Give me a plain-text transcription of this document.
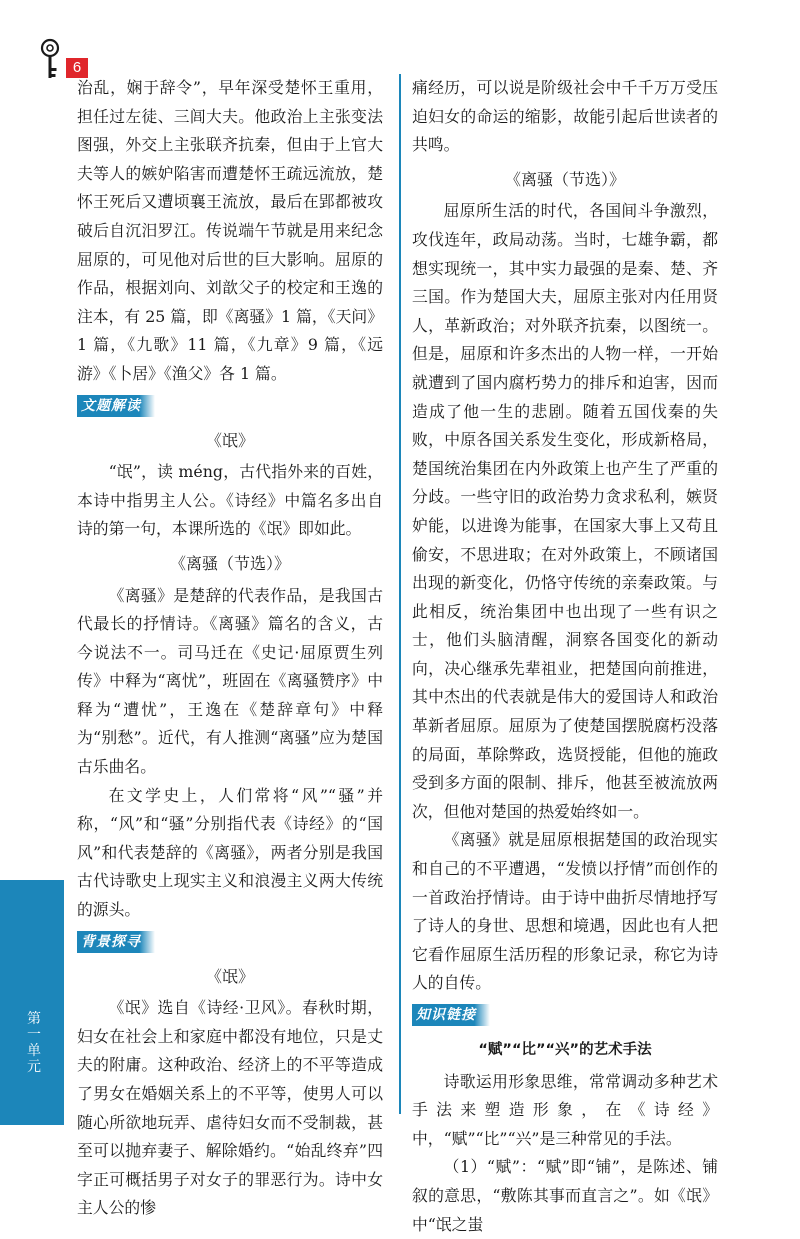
6
第一单元

治乱，娴于辞令”，早年深受楚怀王重用，担任过左徒、三闾大夫。他政治上主张变法图强，外交上主张联齐抗秦，但由于上官大夫等人的嫉妒陷害而遭楚怀王疏远流放，楚怀王死后又遭顷襄王流放，最后在郢都被攻破后自沉汨罗江。传说端午节就是用来纪念屈原的，可见他对后世的巨大影响。屈原的作品，根据刘向、刘歆父子的校定和王逸的注本，有 25 篇，即《离骚》1 篇，《天问》1 篇，《九歌》11 篇，《九章》9 篇，《远游》《卜居》《渔父》各 1 篇。

文题解读

《氓》

“氓”，读 méng，古代指外来的百姓，本诗中指男主人公。《诗经》中篇名多出自诗的第一句，本课所选的《氓》即如此。

《离骚（节选）》

《离骚》是楚辞的代表作品，是我国古代最长的抒情诗。《离骚》篇名的含义，古今说法不一。司马迁在《史记·屈原贾生列传》中释为“离忧”，班固在《离骚赞序》中释为“遭忧”，王逸在《楚辞章句》中释为“别愁”。近代，有人推测“离骚”应为楚国古乐曲名。

在文学史上，人们常将“风”“骚”并称，“风”和“骚”分别指代表《诗经》的“国风”和代表楚辞的《离骚》，两者分别是我国古代诗歌史上现实主义和浪漫主义两大传统的源头。

背景探寻

《氓》

《氓》选自《诗经·卫风》。春秋时期，妇女在社会上和家庭中都没有地位，只是丈夫的附庸。这种政治、经济上的不平等造成了男女在婚姻关系上的不平等，使男人可以随心所欲地玩弄、虐待妇女而不受制裁，甚至可以抛弃妻子、解除婚约。“始乱终弃”四字正可概括男子对女子的罪恶行为。诗中女主人公的惨

痛经历，可以说是阶级社会中千千万万受压迫妇女的命运的缩影，故能引起后世读者的共鸣。

《离骚（节选）》

屈原所生活的时代，各国间斗争激烈，攻伐连年，政局动荡。当时，七雄争霸，都想实现统一，其中实力最强的是秦、楚、齐三国。作为楚国大夫，屈原主张对内任用贤人，革新政治；对外联齐抗秦，以图统一。但是，屈原和许多杰出的人物一样，一开始就遭到了国内腐朽势力的排斥和迫害，因而造成了他一生的悲剧。随着五国伐秦的失败，中原各国关系发生变化，形成新格局，楚国统治集团在内外政策上也产生了严重的分歧。一些守旧的政治势力贪求私利，嫉贤妒能，以进谗为能事，在国家大事上又苟且偷安，不思进取；在对外政策上，不顾诸国出现的新变化，仍恪守传统的亲秦政策。与此相反，统治集团中也出现了一些有识之士，他们头脑清醒，洞察各国变化的新动向，决心继承先辈祖业，把楚国向前推进，其中杰出的代表就是伟大的爱国诗人和政治革新者屈原。屈原为了使楚国摆脱腐朽没落的局面，革除弊政，选贤授能，但他的施政受到多方面的限制、排斥，他甚至被流放两次，但他对楚国的热爱始终如一。

《离骚》就是屈原根据楚国的政治现实和自己的不平遭遇，“发愤以抒情”而创作的一首政治抒情诗。由于诗中曲折尽情地抒写了诗人的身世、思想和境遇，因此也有人把它看作屈原生活历程的形象记录，称它为诗人的自传。

知识链接

“赋”“比”“兴”的艺术手法

诗歌运用形象思维，常常调动多种艺术手法来塑造形象，在《诗经》中，“赋”“比”“兴”是三种常见的手法。

（1）“赋”：“赋”即“铺”，是陈述、铺叙的意思，“敷陈其事而直言之”。如《氓》中“氓之蚩
